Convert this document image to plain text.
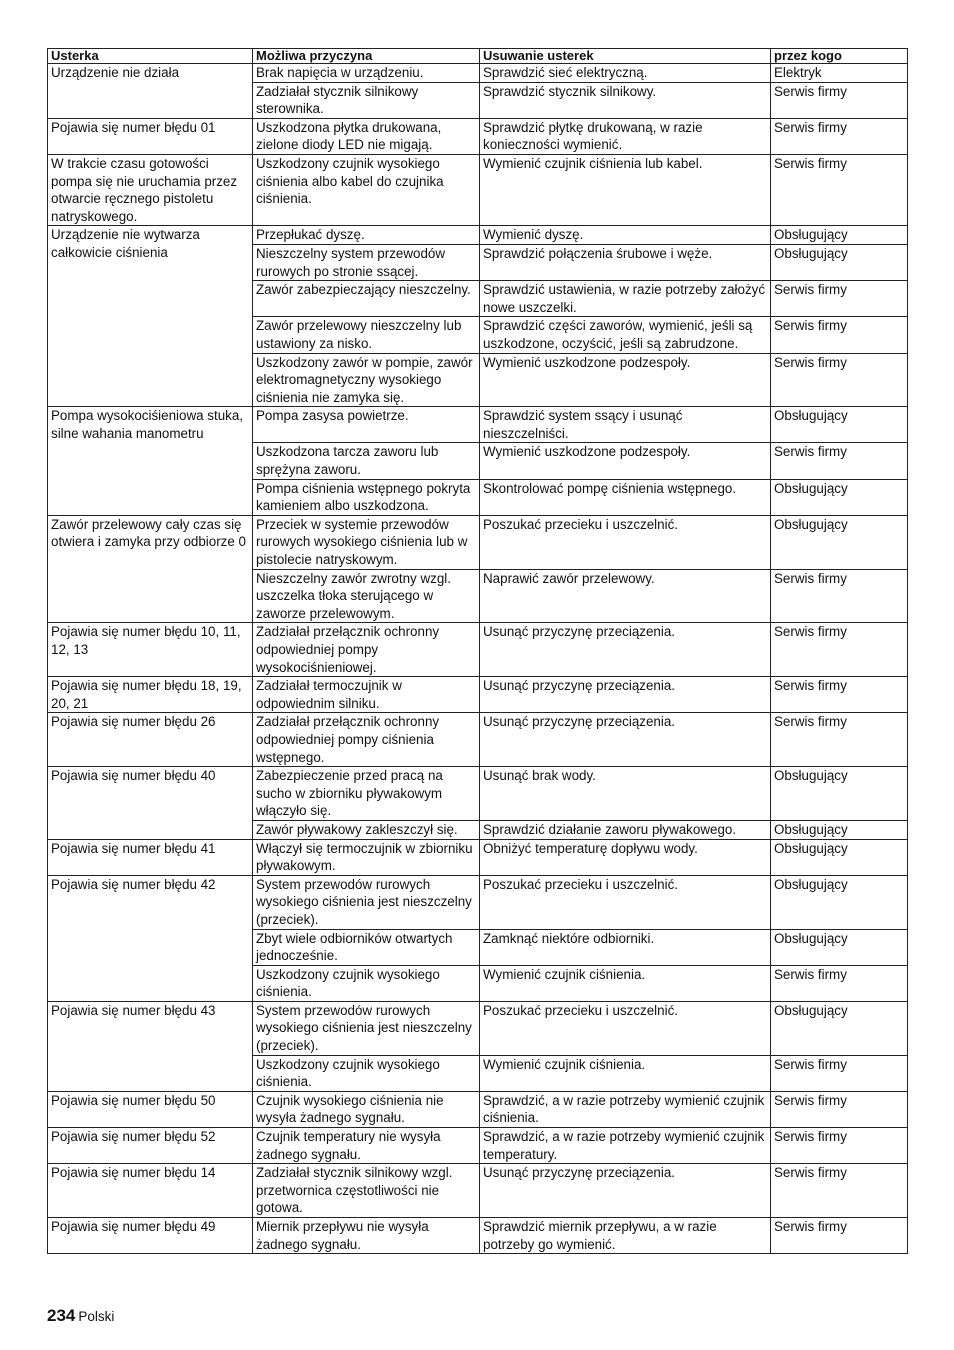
Usterka	Możliwa przyczyna	Usuwanie usterek	przez kogo
Urządzenie nie działa	Brak napięcia w urządzeniu.	Sprawdzić sieć elektryczną.	Elektryk
	Zadziałał stycznik silnikowy sterownika.	Sprawdzić stycznik silnikowy.	Serwis firmy
Pojawia się numer błędu 01	Uszkodzona płytka drukowana, zielone diody LED nie migają.	Sprawdzić płytkę drukowaną, w razie konieczności wymienić.	Serwis firmy
W trakcie czasu gotowości pompa się nie uruchamia przez otwarcie ręcznego pistoletu natryskowego.	Uszkodzony czujnik wysokiego ciśnienia albo kabel do czujnika ciśnienia.	Wymienić czujnik ciśnienia lub kabel.	Serwis firmy
Urządzenie nie wytwarza całkowicie ciśnienia	Przepłukać dyszę.	Wymienić dyszę.	Obsługujący
	Nieszczelny system przewodów rurowych po stronie ssącej.	Sprawdzić połączenia śrubowe i węże.	Obsługujący
	Zawór zabezpieczający nieszczelny.	Sprawdzić ustawienia, w razie potrzeby założyć nowe uszczelki.	Serwis firmy
	Zawór przelewowy nieszczelny lub ustawiony za nisko.	Sprawdzić części zaworów, wymienić, jeśli są uszkodzone, oczyścić, jeśli są zabrudzone.	Serwis firmy
	Uszkodzony zawór w pompie, zawór elektromagnetyczny wysokiego ciśnienia nie zamyka się.	Wymienić uszkodzone podzespoły.	Serwis firmy
Pompa wysokociśieniowa stuka, silne wahania manometru	Pompa zasysa powietrze.	Sprawdzić system ssący i usunąć nieszczelniści.	Obsługujący
	Uszkodzona tarcza zaworu lub sprężyna zaworu.	Wymienić uszkodzone podzespoły.	Serwis firmy
	Pompa ciśnienia wstępnego pokryta kamieniem albo uszkodzona.	Skontrolować pompę ciśnienia wstępnego.	Obsługujący
Zawór przelewowy cały czas się otwiera i zamyka przy odbiorze 0	Przeciek w systemie przewodów rurowych wysokiego ciśnienia lub w pistolecie natryskowym.	Poszukać przecieku i uszczelnić.	Obsługujący
	Nieszczelny zawór zwrotny wzgl. uszczelka tłoka sterującego w zaworze przelewowym.	Naprawić zawór przelewowy.	Serwis firmy
Pojawia się numer błędu 10, 11, 12, 13	Zadziałał przełącznik ochronny odpowiedniej pompy wysokociśnieniowej.	Usunąć przyczynę przeciązenia.	Serwis firmy
Pojawia się numer błędu 18, 19, 20, 21	Zadziałał termoczujnik w odpowiednim silniku.	Usunąć przyczynę przeciązenia.	Serwis firmy
Pojawia się numer błędu 26	Zadziałał przełącznik ochronny odpowiedniej pompy ciśnienia wstępnego.	Usunąć przyczynę przeciązenia.	Serwis firmy
Pojawia się numer błędu 40	Zabezpieczenie przed pracą na sucho w zbiorniku pływakowym włączyło się.	Usunąć brak wody.	Obsługujący
	Zawór pływakowy zakleszczył się.	Sprawdzić działanie zaworu pływakowego.	Obsługujący
Pojawia się numer błędu 41	Włączył się termoczujnik w zbiorniku pływakowym.	Obniżyć temperaturę dopływu wody.	Obsługujący
Pojawia się numer błędu 42	System przewodów rurowych wysokiego ciśnienia jest nieszczelny (przeciek).	Poszukać przecieku i uszczelnić.	Obsługujący
	Zbyt wiele odbiorników otwartych jednocześnie.	Zamknąć niektóre odbiorniki.	Obsługujący
	Uszkodzony czujnik wysokiego ciśnienia.	Wymienić czujnik ciśnienia.	Serwis firmy
Pojawia się numer błędu 43	System przewodów rurowych wysokiego ciśnienia jest nieszczelny (przeciek).	Poszukać przecieku i uszczelnić.	Obsługujący
	Uszkodzony czujnik wysokiego ciśnienia.	Wymienić czujnik ciśnienia.	Serwis firmy
Pojawia się numer błędu 50	Czujnik wysokiego ciśnienia nie wysyła żadnego sygnału.	Sprawdzić, a w razie potrzeby wymienić czujnik ciśnienia.	Serwis firmy
Pojawia się numer błędu 52	Czujnik temperatury nie wysyła żadnego sygnału.	Sprawdzić, a w razie potrzeby wymienić czujnik temperatury.	Serwis firmy
Pojawia się numer błędu 14	Zadziałał stycznik silnikowy wzgl. przetwornica częstotliwości nie gotowa.	Usunąć przyczynę przeciązenia.	Serwis firmy
Pojawia się numer błędu 49	Miernik przepływu nie wysyła żadnego sygnału.	Sprawdzić miernik przepływu, a w razie potrzeby go wymienić.	Serwis firmy
234 Polski
